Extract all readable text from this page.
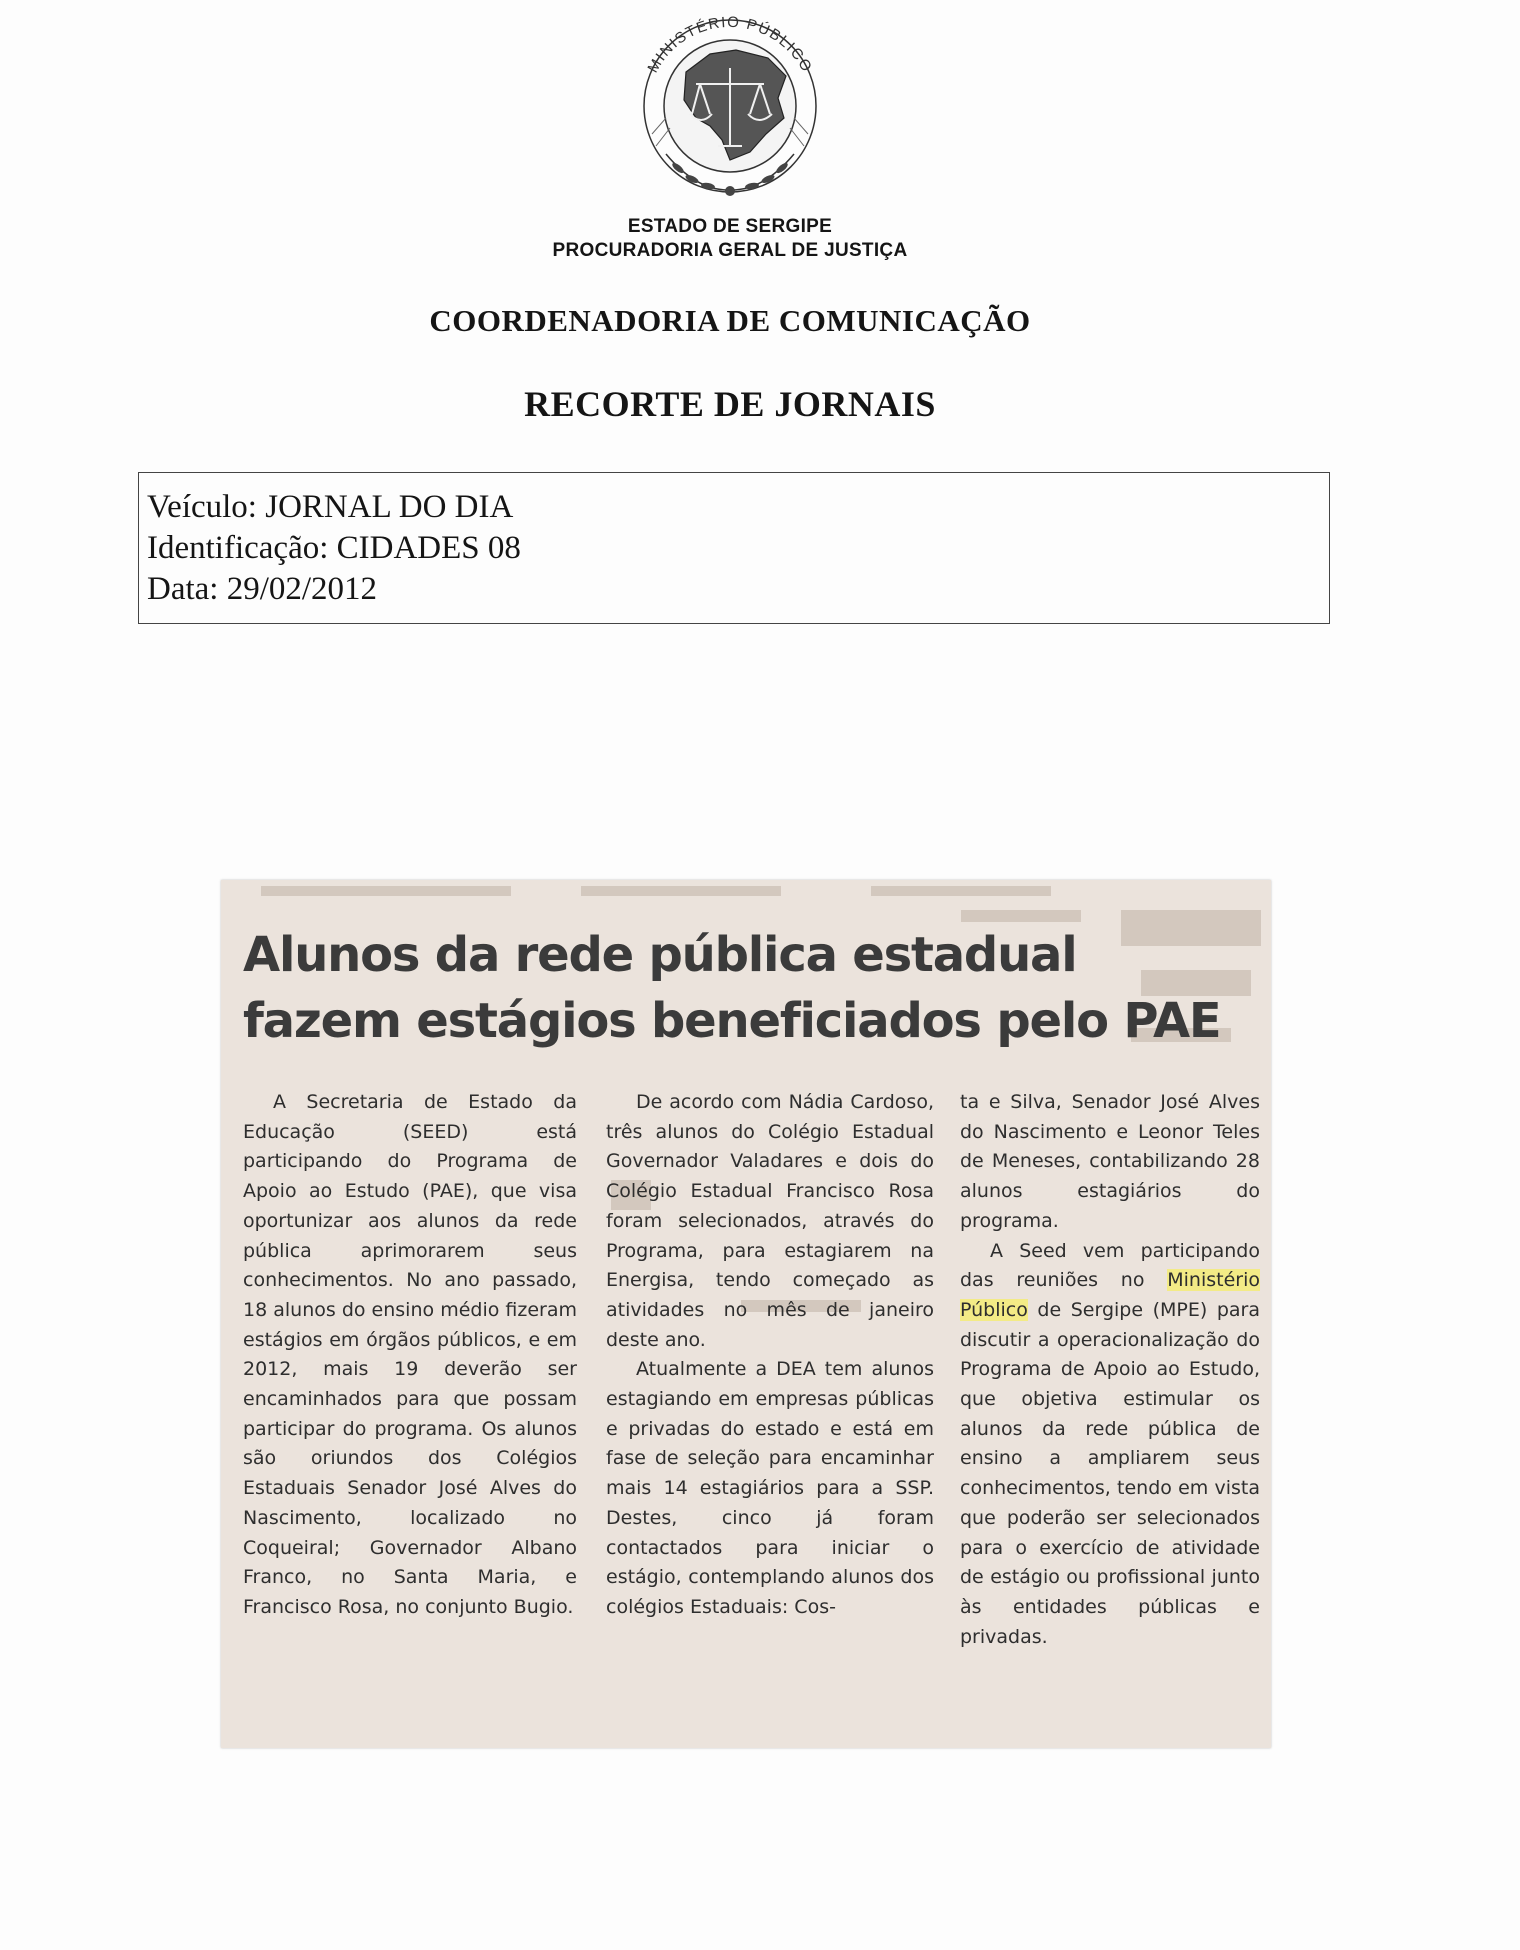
MINISTÉRIO PÚBLICO
ESTADO DE SERGIPE
PROCURADORIA GERAL DE JUSTIÇA
COORDENADORIA DE COMUNICAÇÃO
RECORTE DE JORNAIS
Veículo: JORNAL DO DIA
Identificação: CIDADES 08
Data: 29/02/2012
Alunos da rede pública estadual
fazem estágios beneficiados pelo PAE

A Secretaria de Estado da Educação (SEED) está participando do Programa de Apoio ao Estudo (PAE), que visa oportunizar aos alunos da rede pública aprimorarem seus conhecimentos. No ano passado, 18 alunos do ensino médio fizeram estágios em órgãos públicos, e em 2012, mais 19 deverão ser encaminhados para que possam participar do programa. Os alunos são oriundos dos Colégios Estaduais Senador José Alves do Nascimento, localizado no Coqueiral; Governador Albano Franco, no Santa Maria, e Francisco Rosa, no conjunto Bugio.

De acordo com Nádia Cardoso, três alunos do Colégio Estadual Governador Valadares e dois do Colégio Estadual Francisco Rosa foram selecionados, através do Programa, para estagiarem na Energisa, tendo começado as atividades no mês de janeiro deste ano.

Atualmente a DEA tem alunos estagiando em empresas públicas e privadas do estado e está em fase de seleção para encaminhar mais 14 estagiários para a SSP. Destes, cinco já foram contactados para iniciar o estágio, contemplando alunos dos colégios Estaduais: Cos-

ta e Silva, Senador José Alves do Nascimento e Leonor Teles de Meneses, contabilizando 28 alunos estagiários do programa.

A Seed vem participando das reuniões no Ministério Público de Sergipe (MPE) para discutir a operacionalização do Programa de Apoio ao Estudo, que objetiva estimular os alunos da rede pública de ensino a ampliarem seus conhecimentos, tendo em vista que poderão ser selecionados para o exercício de atividade de estágio ou profissional junto às entidades públicas e privadas.
